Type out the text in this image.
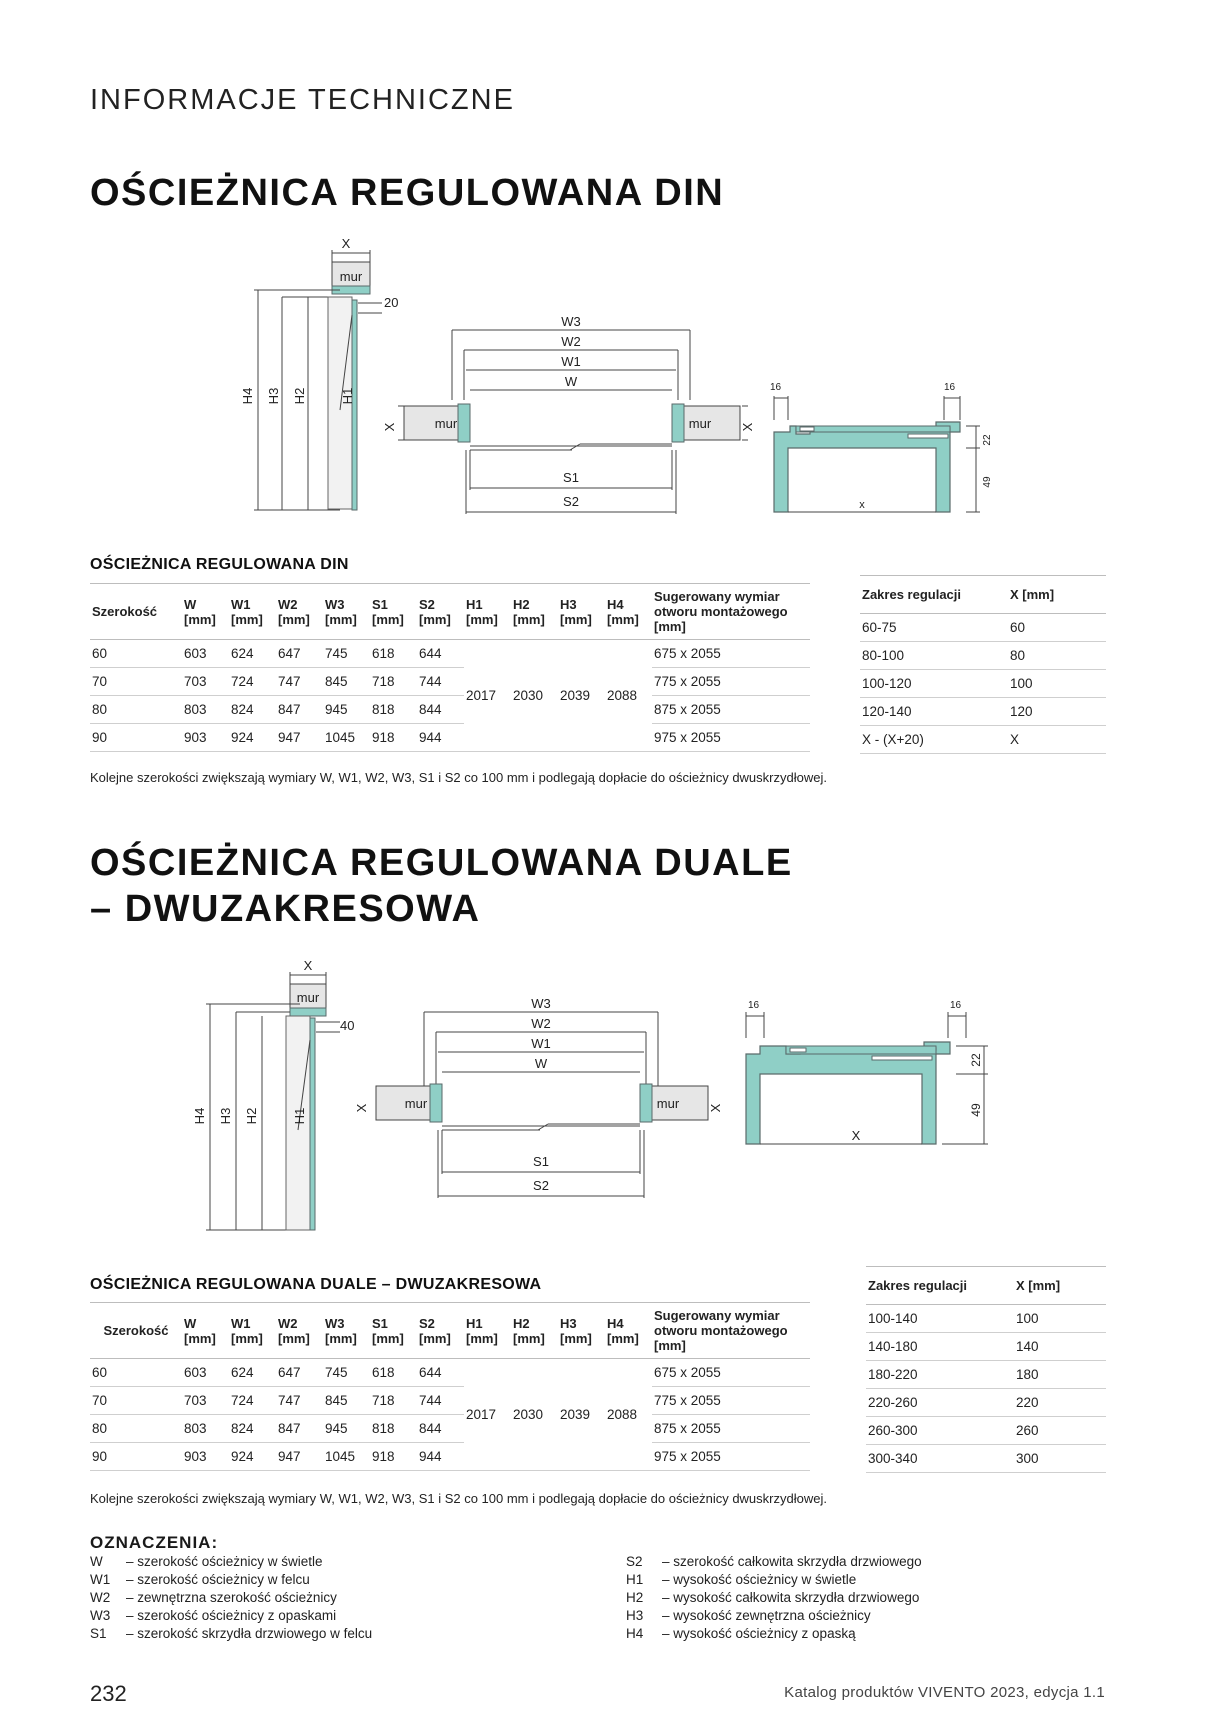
INFORMACJE TECHNICZNE
OŚCIEŻNICA REGULOWANA DIN
X
mur
20
H4 H3 H2	H1
W3
W2
W1
W
S1
S2
X	X
mur	mur
16	16
22
49
x
OŚCIEŻNICA REGULOWANA DIN
Szerokość	W [mm]	W1 [mm]	W2 [mm]	W3 [mm]	S1 [mm]	S2 [mm]	H1 [mm]	H2 [mm]	H3 [mm]	H4 [mm]	Sugerowany wymiar otworu montażowego [mm]
60	603	624	647	745	618	644	2017	2030	2039	2088	675 x 2055
70	703	724	747	845	718	744					775 x 2055
80	803	824	847	945	818	844					875 x 2055
90	903	924	947	1045	918	944					975 x 2055
Zakres regulacji	X [mm]
60-75	60
80-100	80
100-120	100
120-140	120
X - (X+20)	X
Kolejne szerokości zwiększają wymiary W, W1, W2, W3, S1 i S2 co 100 mm i podlegają dopłacie do ościeżnicy dwuskrzydłowej.
OŚCIEŻNICA REGULOWANA DUALE
– DWUZAKRESOWA
X
mur
40
H4 H3 H2	H1
W3
W2
W1
W
S1
S2
X	X
mur	mur
16	16
22
49
X
OŚCIEŻNICA REGULOWANA DUALE – DWUZAKRESOWA
Szerokość	W [mm]	W1 [mm]	W2 [mm]	W3 [mm]	S1 [mm]	S2 [mm]	H1 [mm]	H2 [mm]	H3 [mm]	H4 [mm]	Sugerowany wymiar otworu montażowego [mm]
60	603	624	647	745	618	644	2017	2030	2039	2088	675 x 2055
70	703	724	747	845	718	744					775 x 2055
80	803	824	847	945	818	844					875 x 2055
90	903	924	947	1045	918	944					975 x 2055
Zakres regulacji	X [mm]
100-140	100
140-180	140
180-220	180
220-260	220
260-300	260
300-340	300
Kolejne szerokości zwiększają wymiary W, W1, W2, W3, S1 i S2 co 100 mm i podlegają dopłacie do ościeżnicy dwuskrzydłowej.
OZNACZENIA:
W	– szerokość ościeżnicy w świetle
W1	– szerokość ościeżnicy w felcu
W2	– zewnętrzna szerokość ościeżnicy
W3	– szerokość ościeżnicy z opaskami
S1	– szerokość skrzydła drzwiowego w felcu
S2	– szerokość całkowita skrzydła drzwiowego
H1	– wysokość ościeżnicy w świetle
H2	– wysokość całkowita skrzydła drzwiowego
H3	– wysokość zewnętrzna ościeżnicy
H4	– wysokość ościeżnicy z opaską
232	Katalog produktów VIVENTO 2023, edycja 1.1
